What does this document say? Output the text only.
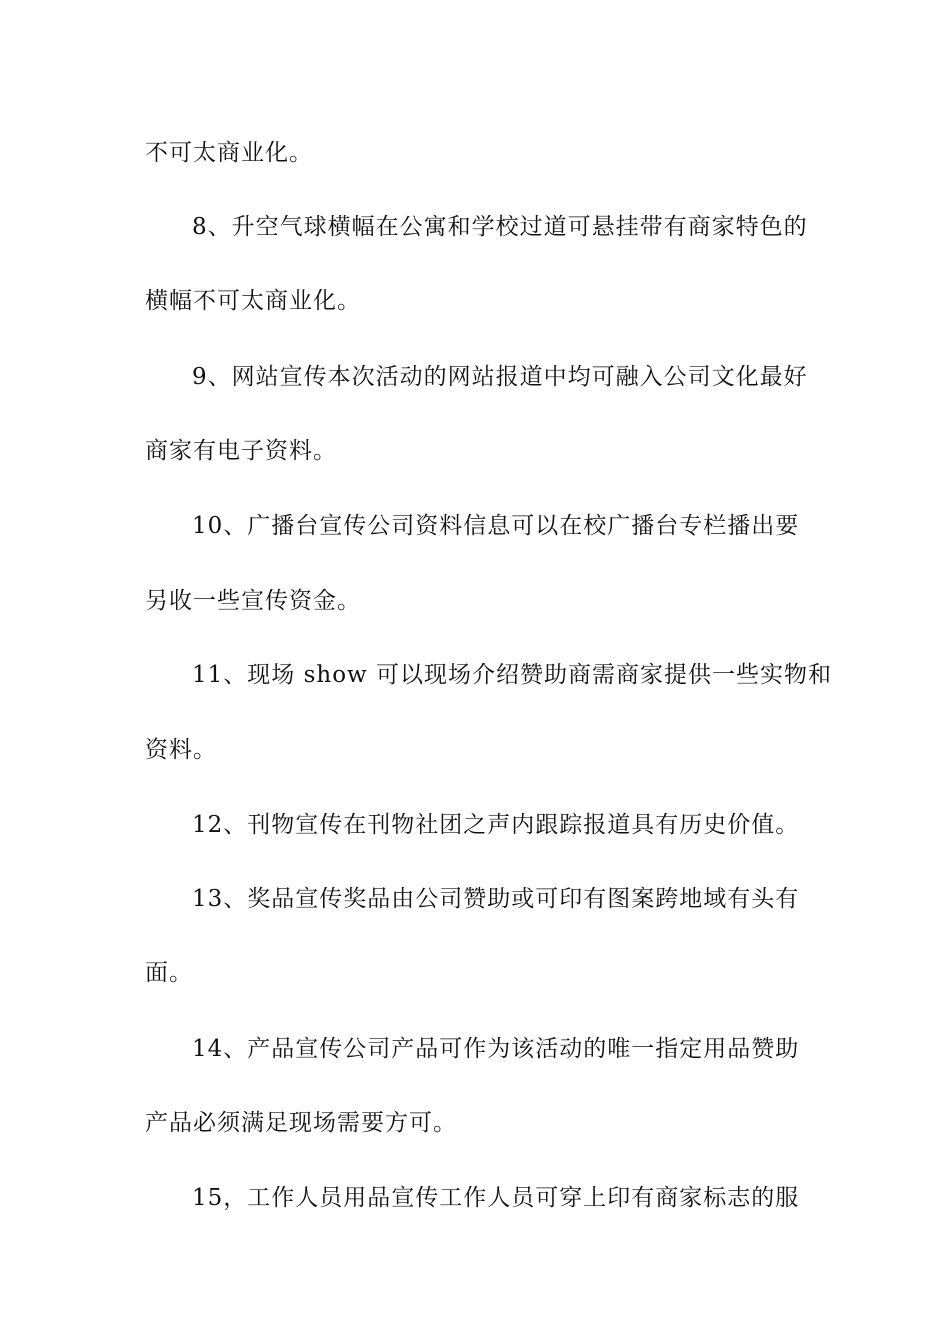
不可太商业化。
8、升空气球横幅在公寓和学校过道可悬挂带有商家特色的
横幅不可太商业化。
9、网站宣传本次活动的网站报道中均可融入公司文化最好
商家有电子资料。
10、广播台宣传公司资料信息可以在校广播台专栏播出要
另收一些宣传资金。
11、现场 show 可以现场介绍赞助商需商家提供一些实物和
资料。
12、刊物宣传在刊物社团之声内跟踪报道具有历史价值。
13、奖品宣传奖品由公司赞助或可印有图案跨地域有头有
面。
14、产品宣传公司产品可作为该活动的唯一指定用品赞助
产品必须满足现场需要方可。
15，工作人员用品宣传工作人员可穿上印有商家标志的服
